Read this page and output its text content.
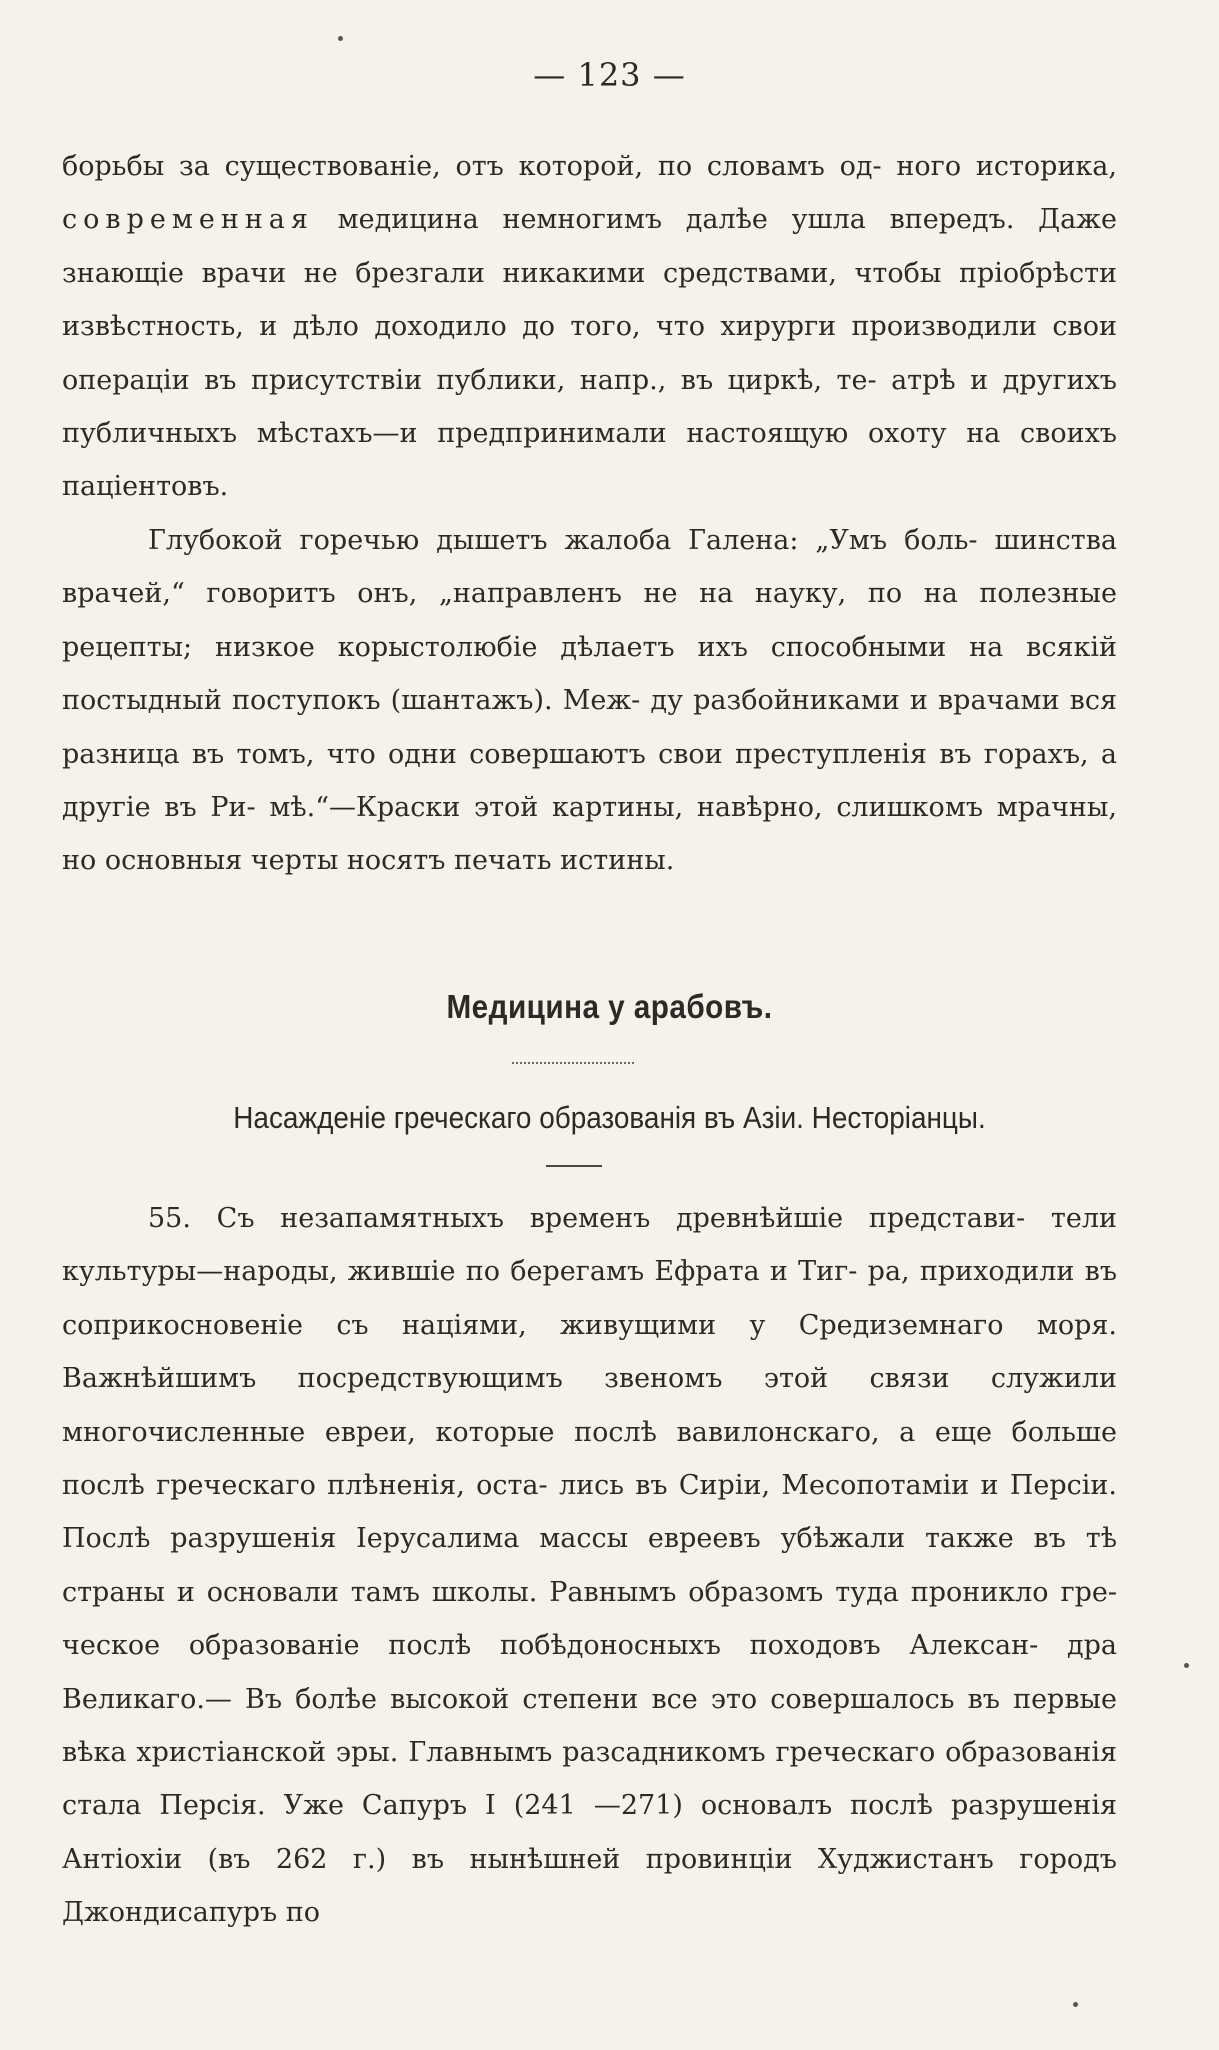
— 123 —

борьбы за существованіе, отъ которой, по словамъ од- ного историка, современная медицина немногимъ далѣе ушла впередъ. Даже знающіе врачи не брезгали никакими средствами, чтобы пріобрѣсти извѣстность, и дѣло доходило до того, что хирурги производили свои операціи въ присутствіи публики, напр., въ циркѣ, те- атрѣ и другихъ публичныхъ мѣстахъ—и предпринимали настоящую охоту на своихъ паціентовъ.

Глубокой горечью дышетъ жалоба Галена: „Умъ боль- шинства врачей,“ говоритъ онъ, „направленъ не на науку, по на полезные рецепты; низкое корыстолюбіе дѣлаетъ ихъ способными на всякій постыдный поступокъ (шантажъ). Меж- ду разбойниками и врачами вся разница въ томъ, что одни совершаютъ свои преступленія въ горахъ, а другіе въ Ри- мѣ.“—Краски этой картины, навѣрно, слишкомъ мрачны, но основныя черты носятъ печать истины.

Медицина у арабовъ.
Насажденіе греческаго образованія въ Азіи. Несторіанцы.

55. Съ незапамятныхъ временъ древнѣйшіе представи- тели культуры—народы, жившіе по берегамъ Ефрата и Тиг- ра, приходили въ соприкосновеніе съ націями, живущими у Средиземнаго моря. Важнѣйшимъ посредствующимъ звеномъ этой связи служили многочисленные евреи, которые послѣ вавилонскаго, а еще больше послѣ греческаго плѣненія, оста- лись въ Сиріи, Месопотаміи и Персіи. Послѣ разрушенія Іерусалима массы евреевъ убѣжали также въ тѣ страны и основали тамъ школы. Равнымъ образомъ туда проникло гре- ческое образованіе послѣ побѣдоносныхъ походовъ Алексан- дра Великаго.— Въ болѣе высокой степени все это совершалось въ первые вѣка христіанской эры. Главнымъ разсадникомъ греческаго образованія стала Персія. Уже Сапуръ I (241 —271) основалъ послѣ разрушенія Антіохіи (въ 262 г.) въ нынѣшней провинціи Худжистанъ городъ Джондисапуръ по
